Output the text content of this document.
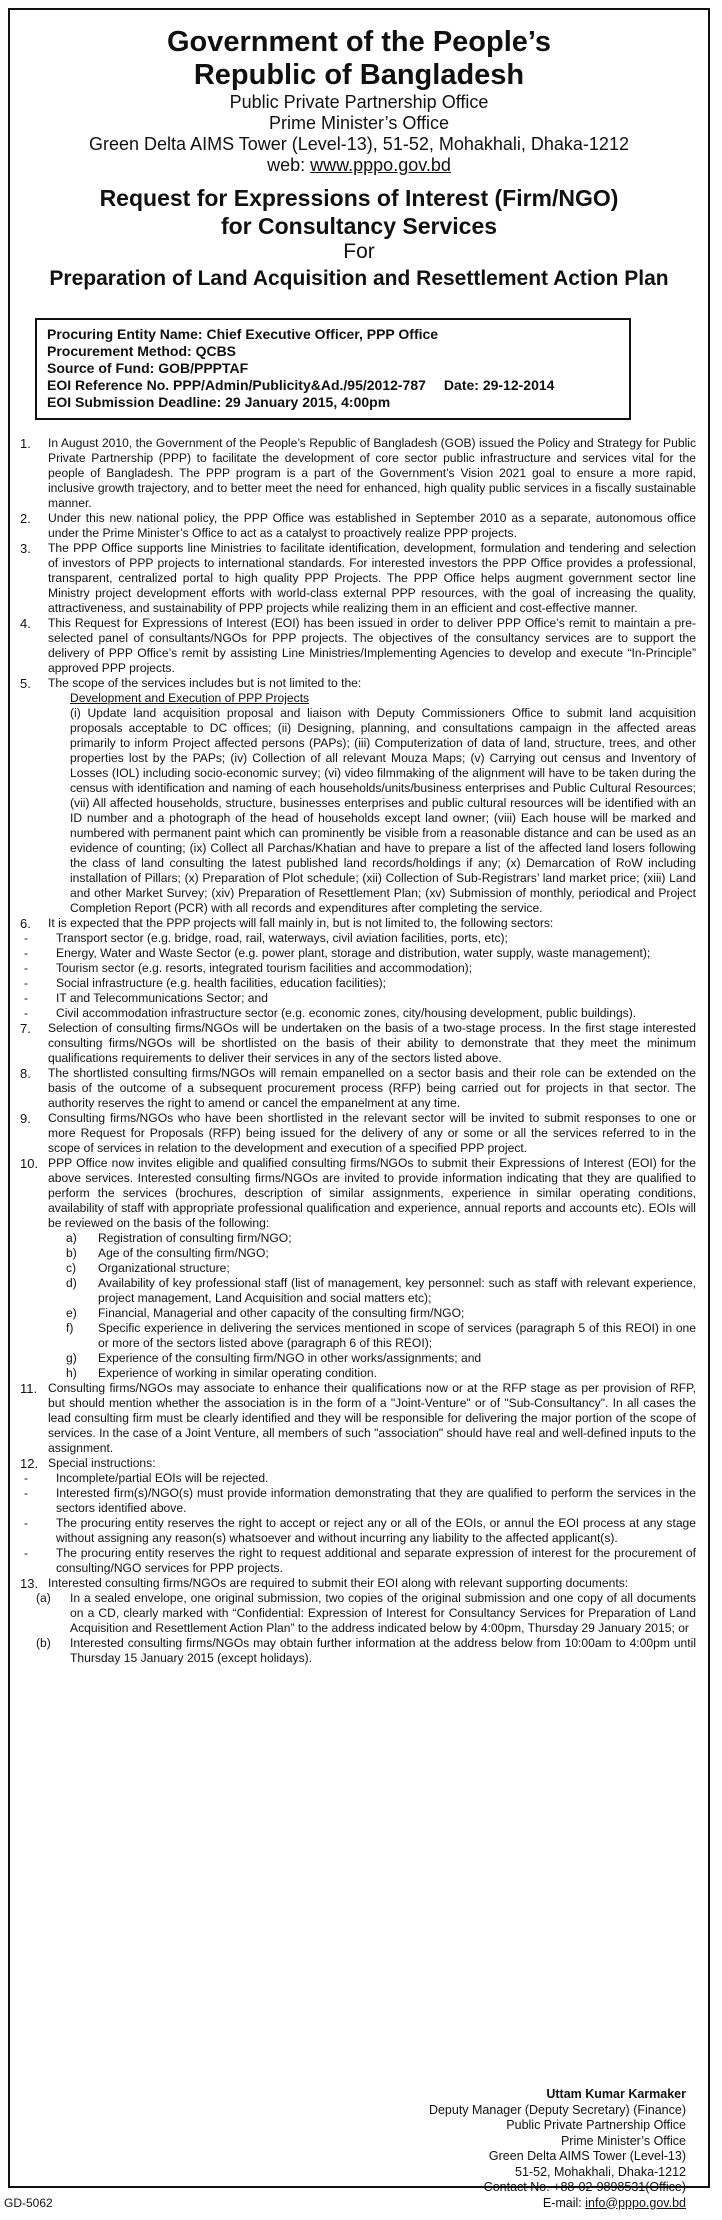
Government of the People’s
Republic of Bangladesh
Public Private Partnership Office
Prime Minister’s Office
Green Delta AIMS Tower (Level-13), 51-52, Mohakhali, Dhaka-1212
web: www.pppo.gov.bd
Request for Expressions of Interest (Firm/NGO)
for Consultancy Services
For
Preparation of Land Acquisition and Resettlement Action Plan
Procuring Entity Name: Chief Executive Officer, PPP Office
Procurement Method: QCBS
Source of Fund: GOB/PPPTAF
EOI Reference No. PPP/Admin/Publicity&Ad./95/2012-787 Date: 29-12-2014
EOI Submission Deadline: 29 January 2015, 4:00pm
1.	In August 2010, the Government of the People’s Republic of Bangladesh (GOB) issued the Policy and Strategy for Public Private Partnership (PPP) to facilitate the development of core sector public infrastructure and services vital for the people of Bangladesh. The PPP program is a part of the Government’s Vision 2021 goal to ensure a more rapid, inclusive growth trajectory, and to better meet the need for enhanced, high quality public services in a fiscally sustainable manner.
2.	Under this new national policy, the PPP Office was established in September 2010 as a separate, autonomous office under the Prime Minister’s Office to act as a catalyst to proactively realize PPP projects.
3.	The PPP Office supports line Ministries to facilitate identification, development, formulation and tendering and selection of investors of PPP projects to international standards. For interested investors the PPP Office provides a professional, transparent, centralized portal to high quality PPP Projects. The PPP Office helps augment government sector line Ministry project development efforts with world-class external PPP resources, with the goal of increasing the quality, attractiveness, and sustainability of PPP projects while realizing them in an efficient and cost-effective manner.
4.	This Request for Expressions of Interest (EOI) has been issued in order to deliver PPP Office’s remit to maintain a pre-selected panel of consultants/NGOs for PPP projects. The objectives of the consultancy services are to support the delivery of PPP Office’s remit by assisting Line Ministries/Implementing Agencies to develop and execute “In-Principle” approved PPP projects.
5.	The scope of the services includes but is not limited to the:
Development and Execution of PPP Projects
(i) Update land acquisition proposal and liaison with Deputy Commissioners Office to submit land acquisition proposals acceptable to DC offices; (ii) Designing, planning, and consultations campaign in the affected areas primarily to inform Project affected persons (PAPs); (iii) Computerization of data of land, structure, trees, and other properties lost by the PAPs; (iv) Collection of all relevant Mouza Maps; (v) Carrying out census and Inventory of Losses (IOL) including socio-economic survey; (vi) video filmmaking of the alignment will have to be taken during the census with identification and naming of each households/units/business enterprises and Public Cultural Resources; (vii) All affected households, structure, businesses enterprises and public cultural resources will be identified with an ID number and a photograph of the head of households except land owner; (viii) Each house will be marked and numbered with permanent paint which can prominently be visible from a reasonable distance and can be used as an evidence of counting; (ix) Collect all Parchas/Khatian and have to prepare a list of the affected land losers following the class of land consulting the latest published land records/holdings if any; (x) Demarcation of RoW including installation of Pillars; (x) Preparation of Plot schedule; (xii) Collection of Sub-Registrars’ land market price; (xiii) Land and other Market Survey; (xiv) Preparation of Resettlement Plan; (xv) Submission of monthly, periodical and Project Completion Report (PCR) with all records and expenditures after completing the service.
6.	It is expected that the PPP projects will fall mainly in, but is not limited to, the following sectors:
-	Transport sector (e.g. bridge, road, rail, waterways, civil aviation facilities, ports, etc);
-	Energy, Water and Waste Sector (e.g. power plant, storage and distribution, water supply, waste management);
-	Tourism sector (e.g. resorts, integrated tourism facilities and accommodation);
-	Social infrastructure (e.g. health facilities, education facilities);
-	IT and Telecommunications Sector; and
-	Civil accommodation infrastructure sector (e.g. economic zones, city/housing development, public buildings).
7.	Selection of consulting firms/NGOs will be undertaken on the basis of a two-stage process. In the first stage interested consulting firms/NGOs will be shortlisted on the basis of their ability to demonstrate that they meet the minimum qualifications requirements to deliver their services in any of the sectors listed above.
8.	The shortlisted consulting firms/NGOs will remain empanelled on a sector basis and their role can be extended on the basis of the outcome of a subsequent procurement process (RFP) being carried out for projects in that sector. The authority reserves the right to amend or cancel the empanelment at any time.
9.	Consulting firms/NGOs who have been shortlisted in the relevant sector will be invited to submit responses to one or more Request for Proposals (RFP) being issued for the delivery of any or some or all the services referred to in the scope of services in relation to the development and execution of a specified PPP project.
10. PPP Office now invites eligible and qualified consulting firms/NGOs to submit their Expressions of Interest (EOI) for the above services. Interested consulting firms/NGOs are invited to provide information indicating that they are qualified to perform the services (brochures, description of similar assignments, experience in similar operating conditions, availability of staff with appropriate professional qualification and experience, annual reports and accounts etc). EOIs will be reviewed on the basis of the following:
a)	Registration of consulting firm/NGO;
b)	Age of the consulting firm/NGO;
c)	Organizational structure;
d)	Availability of key professional staff (list of management, key personnel: such as staff with relevant experience, project management, Land Acquisition and social matters etc);
e)	Financial, Managerial and other capacity of the consulting firm/NGO;
f)	Specific experience in delivering the services mentioned in scope of services (paragraph 5 of this REOI) in one or more of the sectors listed above (paragraph 6 of this REOI);
g)	Experience of the consulting firm/NGO in other works/assignments; and
h)	Experience of working in similar operating condition.
11. Consulting firms/NGOs may associate to enhance their qualifications now or at the RFP stage as per provision of RFP, but should mention whether the association is in the form of a "Joint-Venture" or of "Sub-Consultancy". In all cases the lead consulting firm must be clearly identified and they will be responsible for delivering the major portion of the scope of services. In the case of a Joint Venture, all members of such "association" should have real and well-defined inputs to the assignment.
12. Special instructions:
-	Incomplete/partial EOIs will be rejected.
-	Interested firm(s)/NGO(s) must provide information demonstrating that they are qualified to perform the services in the sectors identified above.
-	The procuring entity reserves the right to accept or reject any or all of the EOIs, or annul the EOI process at any stage without assigning any reason(s) whatsoever and without incurring any liability to the affected applicant(s).
-	The procuring entity reserves the right to request additional and separate expression of interest for the procurement of consulting/NGO services for PPP projects.
13. Interested consulting firms/NGOs are required to submit their EOI along with relevant supporting documents:
(a)	In a sealed envelope, one original submission, two copies of the original submission and one copy of all documents on a CD, clearly marked with “Confidential: Expression of Interest for Consultancy Services for Preparation of Land Acquisition and Resettlement Action Plan” to the address indicated below by 4:00pm, Thursday 29 January 2015; or
(b)	Interested consulting firms/NGOs may obtain further information at the address below from 10:00am to 4:00pm until Thursday 15 January 2015 (except holidays).
Uttam Kumar Karmaker
Deputy Manager (Deputy Secretary) (Finance)
Public Private Partnership Office
Prime Minister’s Office
Green Delta AIMS Tower (Level-13)
51-52, Mohakhali, Dhaka-1212
Contact No. +88-02-9898531(Office)
E-mail: info@pppo.gov.bd
GD-5062
